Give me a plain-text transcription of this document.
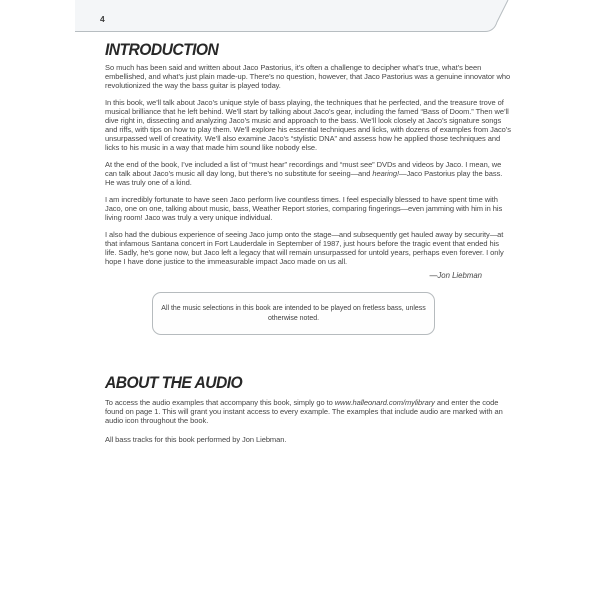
4
INTRODUCTION

So much has been said and written about Jaco Pastorius, it’s often a challenge to decipher what’s true, what’s been embellished, and what’s just plain made-up. There’s no question, however, that Jaco Pastorius was a genuine innovator who revolutionized the way the bass guitar is played today.

In this book, we’ll talk about Jaco’s unique style of bass playing, the techniques that he perfected, and the treasure trove of musical brilliance that he left behind. We’ll start by talking about Jaco’s gear, including the famed “Bass of Doom.” Then we’ll dive right in, dissecting and analyzing Jaco’s music and approach to the bass. We’ll look closely at Jaco’s signature songs and riffs, with tips on how to play them. We’ll explore his essential techniques and licks, with dozens of examples from Jaco’s unsurpassed well of creativity. We’ll also examine Jaco’s “stylistic DNA” and assess how he applied those techniques and licks to his music in a way that made him sound like nobody else.

At the end of the book, I’ve included a list of “must hear” recordings and “must see” DVDs and videos by Jaco. I mean, we can talk about Jaco’s music all day long, but there’s no substitute for seeing—and hearing!—Jaco Pastorius play the bass. He was truly one of a kind.

I am incredibly fortunate to have seen Jaco perform live countless times. I feel especially blessed to have spent time with Jaco, one on one, talking about music, bass, Weather Report stories, comparing fingerings—even jamming with him in his living room! Jaco was truly a very unique individual.

I also had the dubious experience of seeing Jaco jump onto the stage—and subsequently get hauled away by security—at that infamous Santana concert in Fort Lauderdale in September of 1987, just hours before the tragic event that ended his life. Sadly, he’s gone now, but Jaco left a legacy that will remain unsurpassed for untold years, perhaps even forever. I only hope I have done justice to the immeasurable impact Jaco made on us all.

—Jon Liebman

All the music selections in this book are intended to be played on fretless bass, unless otherwise noted.

ABOUT THE AUDIO

To access the audio examples that accompany this book, simply go to www.halleonard.com/mylibrary and enter the code found on page 1. This will grant you instant access to every example. The examples that include audio are marked with an audio icon throughout the book.

All bass tracks for this book performed by Jon Liebman.
